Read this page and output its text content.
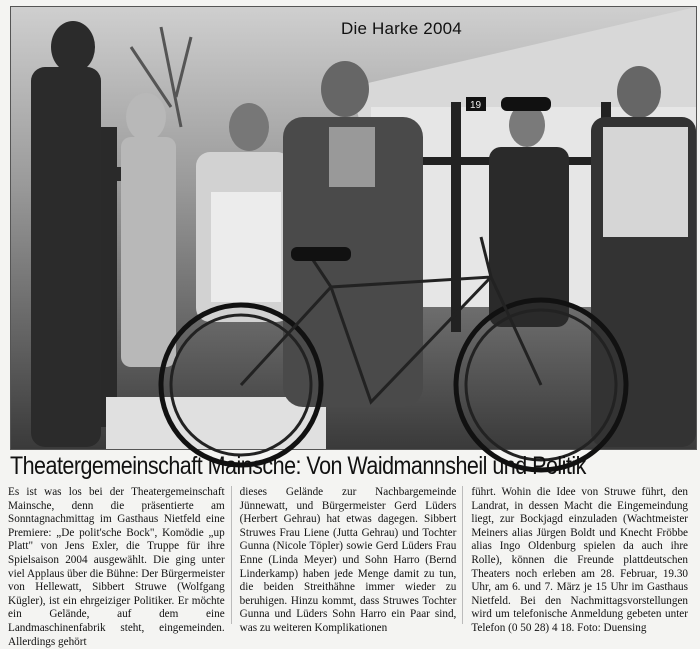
19
Die Harke 2004
Theatergemeinschaft Mainsche: Von Waidmannsheil und Politik
Es ist was los bei der Theatergemeinschaft Mainsche, denn die präsentierte am Sonntagnachmittag im Gasthaus Nietfeld eine Premiere: „De polit'sche Bock", Komödie „up Platt" von Jens Exler, die Truppe für ihre Spielsaison 2004 ausgewählt. Die ging unter viel Applaus über die Bühne: Der Bürgermeister von Hellewatt, Sibbert Struwe (Wolfgang Kügler), ist ein ehrgeiziger Politiker. Er möchte ein Gelände, auf dem eine Landmaschinenfabrik steht, eingemeinden. Allerdings gehört
dieses Gelände zur Nachbargemeinde Jünnewatt, und Bürgermeister Gerd Lüders (Herbert Gehrau) hat etwas dagegen. Sibbert Struwes Frau Liene (Jutta Gehrau) und Tochter Gunna (Nicole Töpler) sowie Gerd Lüders Frau Enne (Linda Meyer) und Sohn Harro (Bernd Linderkamp) haben jede Menge damit zu tun, die beiden Streithähne immer wieder zu beruhigen. Hinzu kommt, dass Struwes Tochter Gunna und Lüders Sohn Harro ein Paar sind, was zu weiteren Komplikationen
führt. Wohin die Idee von Struwe führt, den Landrat, in dessen Macht die Eingemeindung liegt, zur Bockjagd einzuladen (Wachtmeister Meiners alias Jürgen Boldt und Knecht Fröbbe alias Ingo Oldenburg spielen da auch ihre Rolle), können die Freunde plattdeutschen Theaters noch erleben am 28. Februar, 19.30 Uhr, am 6. und 7. März je 15 Uhr im Gasthaus Nietfeld. Bei den Nachmittagsvorstellungen wird um telefonische Anmeldung gebeten unter Telefon (0 50 28) 4 18. Foto: Duensing
